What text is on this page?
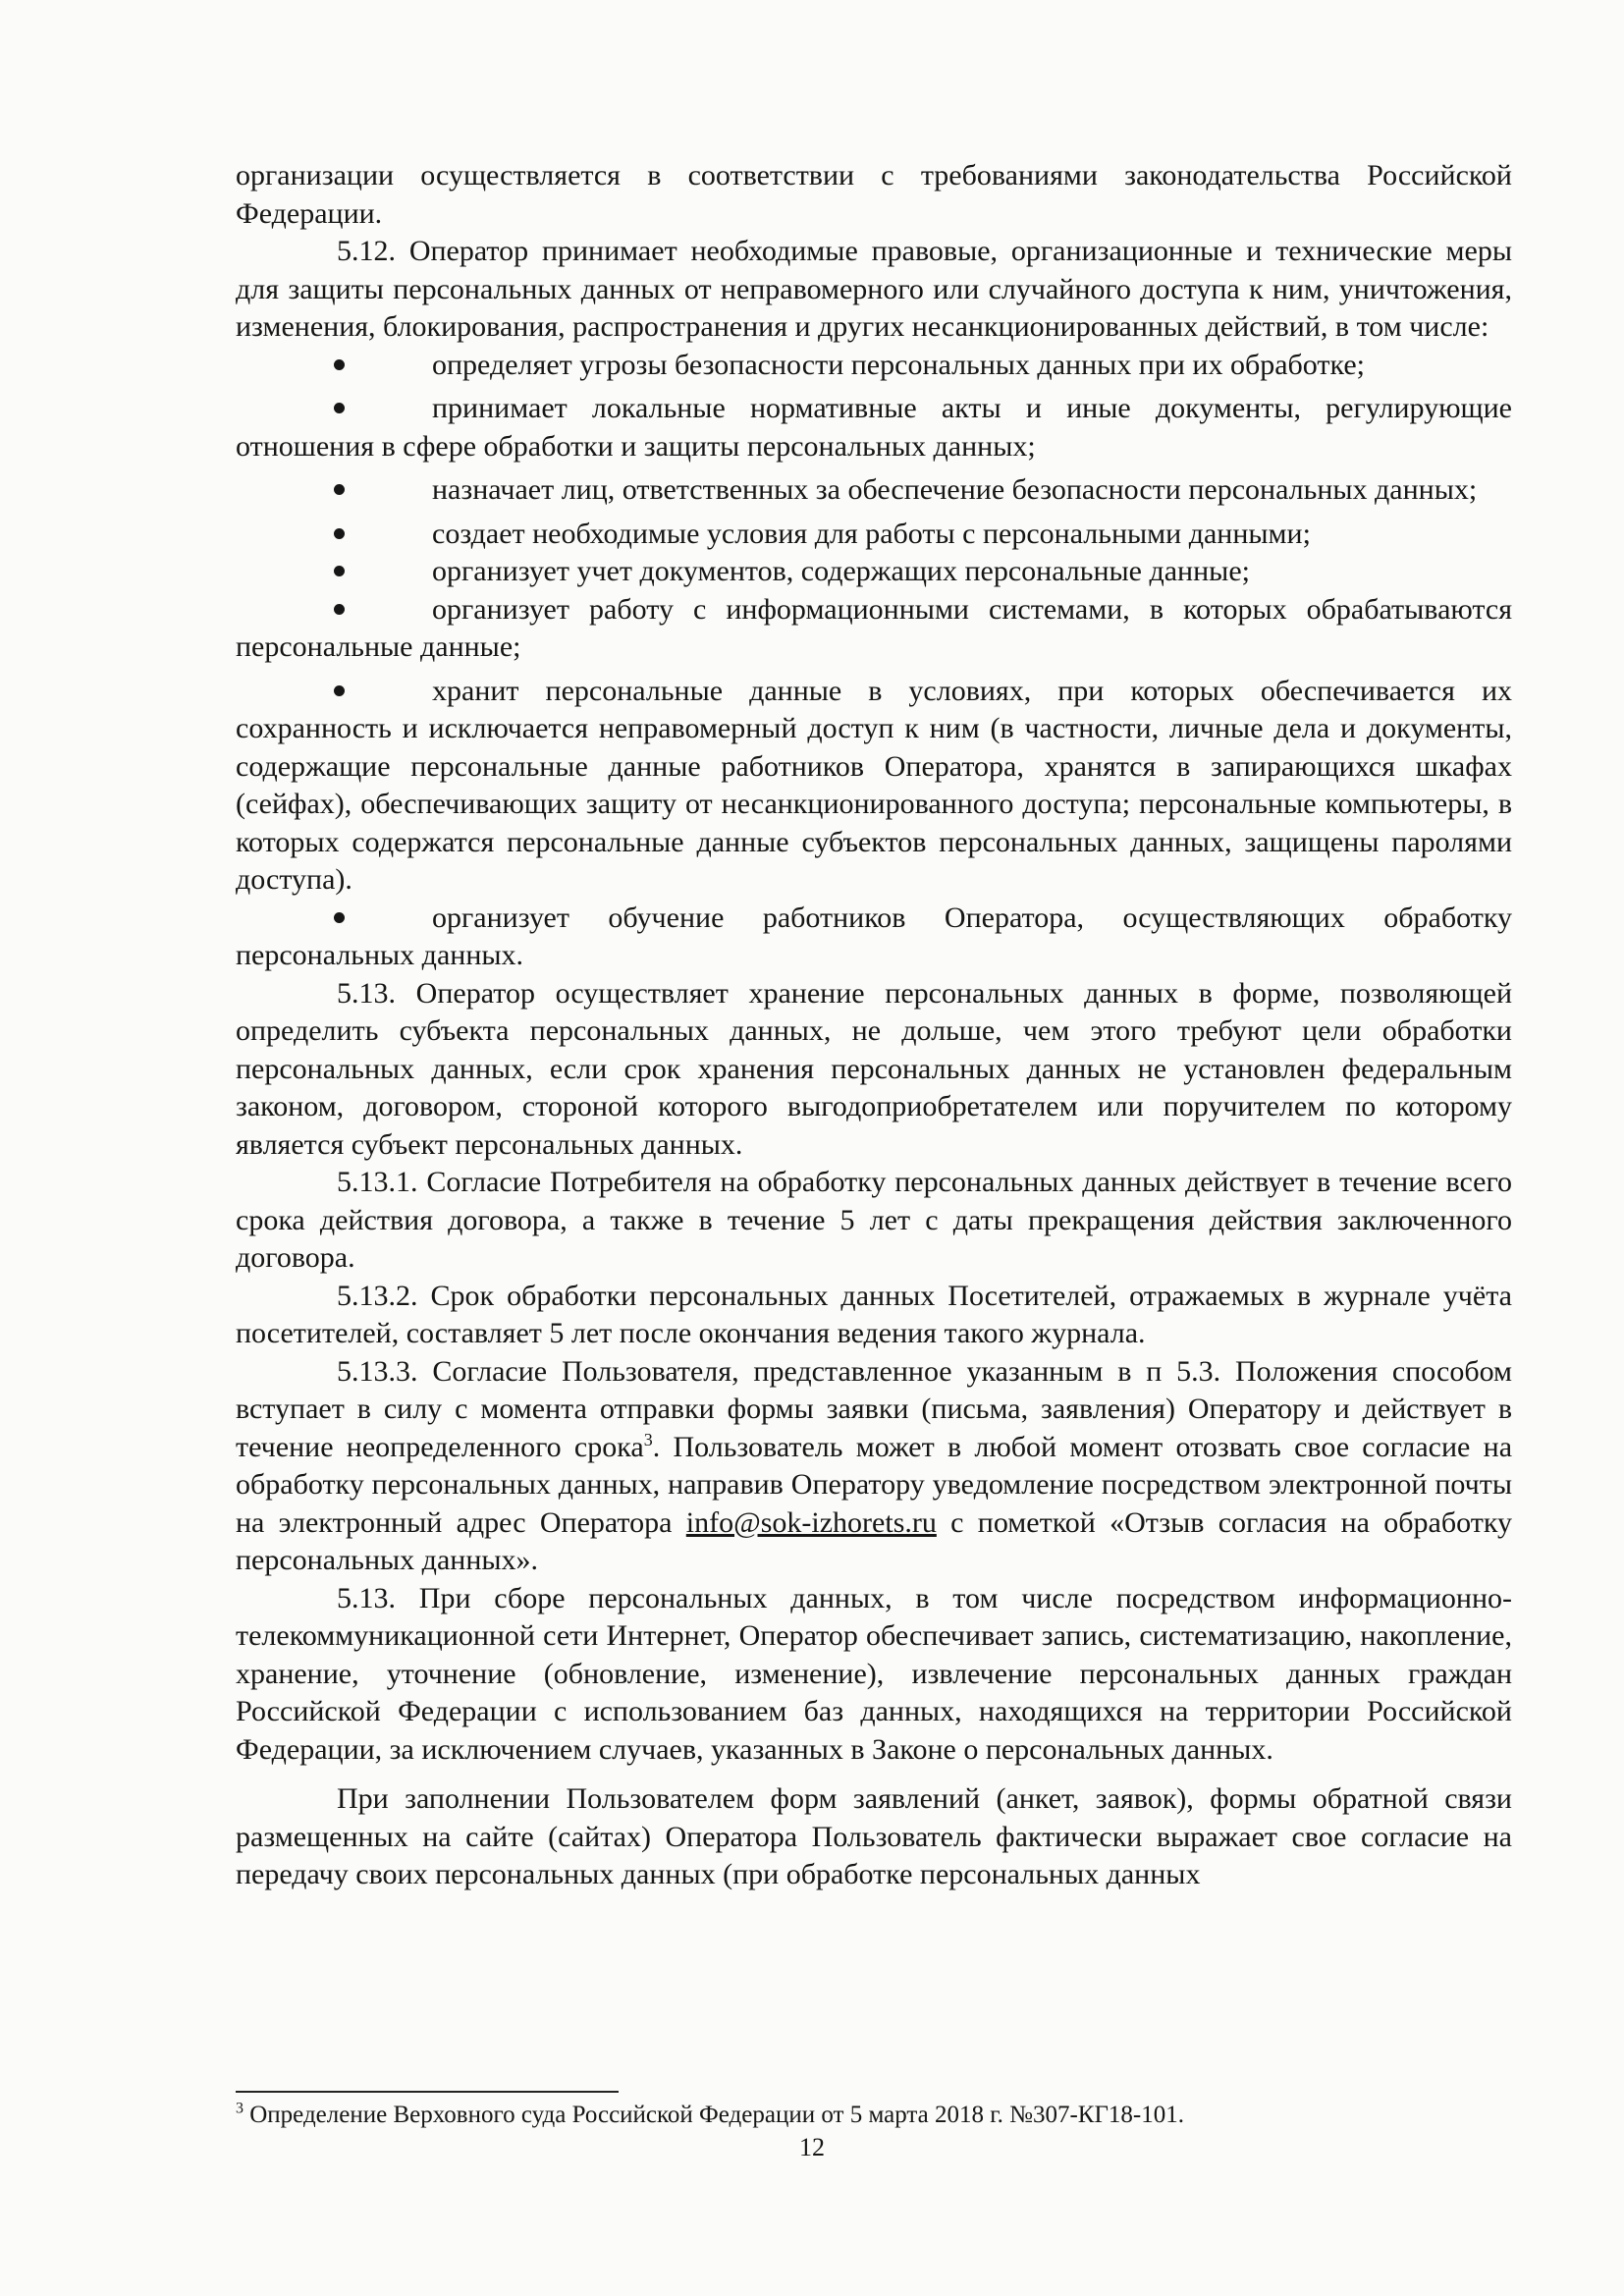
организации осуществляется в соответствии с требованиями законодательства Российской Федерации.

5.12. Оператор принимает необходимые правовые, организационные и технические меры для защиты персональных данных от неправомерного или случайного доступа к ним, уничтожения, изменения, блокирования, распространения и других несанкционированных действий, в том числе:

определяет угрозы безопасности персональных данных при их обработке;

принимает локальные нормативные акты и иные документы, регулирующие отношения в сфере обработки и защиты персональных данных;

назначает лиц, ответственных за обеспечение безопасности персональных данных;

создает необходимые условия для работы с персональными данными;

организует учет документов, содержащих персональные данные;

организует работу с информационными системами, в которых обрабатываются персональные данные;

хранит персональные данные в условиях, при которых обеспечивается их сохранность и исключается неправомерный доступ к ним (в частности, личные дела и документы, содержащие персональные данные работников Оператора, хранятся в запирающихся шкафах (сейфах), обеспечивающих защиту от несанкционированного доступа; персональные компьютеры, в которых содержатся персональные данные субъектов персональных данных, защищены паролями доступа).

организует обучение работников Оператора, осуществляющих обработку персональных данных.

5.13. Оператор осуществляет хранение персональных данных в форме, позволяющей определить субъекта персональных данных, не дольше, чем этого требуют цели обработки персональных данных, если срок хранения персональных данных не установлен федеральным законом, договором, стороной которого выгодоприобретателем или поручителем по которому является субъект персональных данных.

5.13.1. Согласие Потребителя на обработку персональных данных действует в течение всего срока действия договора, а также в течение 5 лет с даты прекращения действия заключенного договора.

5.13.2. Срок обработки персональных данных Посетителей, отражаемых в журнале учёта посетителей, составляет 5 лет после окончания ведения такого журнала.

5.13.3. Согласие Пользователя, представленное указанным в п 5.3. Положения способом вступает в силу с момента отправки формы заявки (письма, заявления) Оператору и действует в течение неопределенного срока$^3$. Пользователь может в любой момент отозвать свое согласие на обработку персональных данных, направив Оператору уведомление посредством электронной почты на электронный адрес Оператора info@sok-izhorets.ru с пометкой «Отзыв согласия на обработку персональных данных».

5.13. При сборе персональных данных, в том числе посредством информационно-телекоммуникационной сети Интернет, Оператор обеспечивает запись, систематизацию, накопление, хранение, уточнение (обновление, изменение), извлечение персональных данных граждан Российской Федерации с использованием баз данных, находящихся на территории Российской Федерации, за исключением случаев, указанных в Законе о персональных данных.

При заполнении Пользователем форм заявлений (анкет, заявок), формы обратной связи размещенных на сайте (сайтах) Оператора Пользователь фактически выражает свое согласие на передачу своих персональных данных (при обработке персональных данных

$^3$ Определение Верховного суда Российской Федерации от 5 марта 2018 г. №307-КГ18-101.
12
